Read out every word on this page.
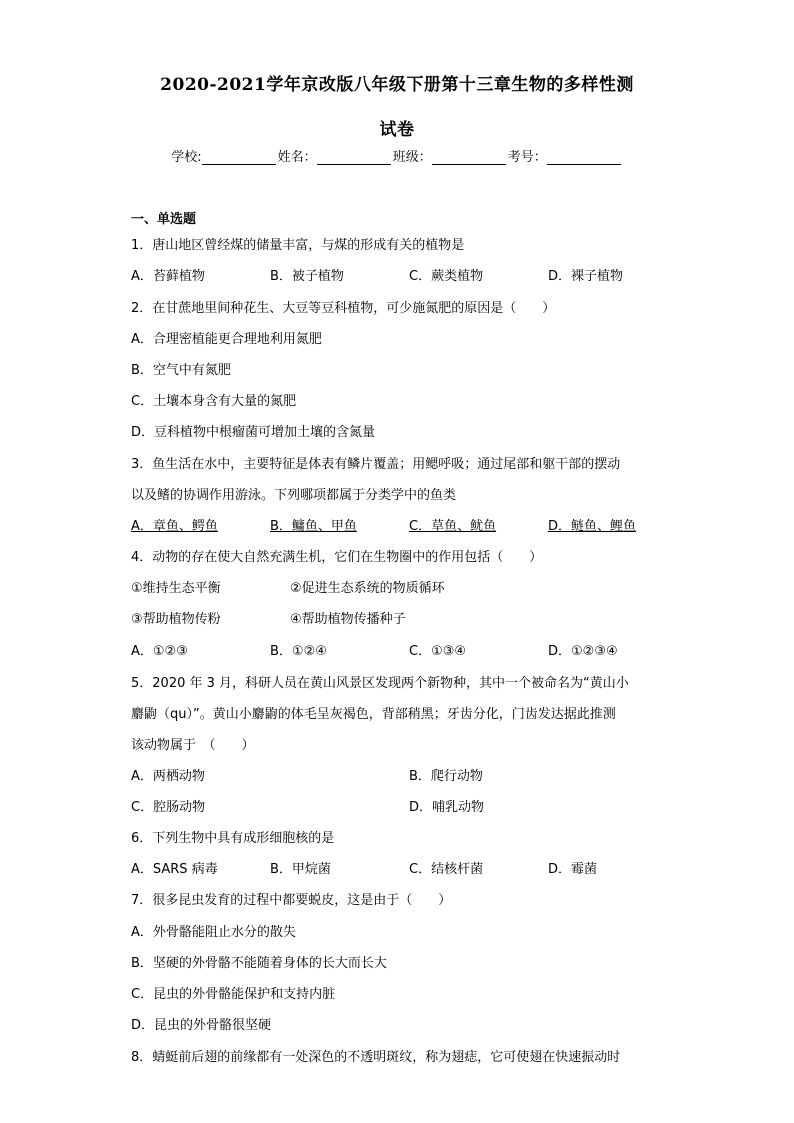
2020-2021学年京改版八年级下册第十三章生物的多样性测
试卷
学校:	姓名：	班级：	考号：
一、单选题
1．唐山地区曾经煤的储量丰富，与煤的形成有关的植物是
A．苔藓植物	B．被子植物	C．蕨类植物	D．裸子植物
2．在甘蔗地里间种花生、大豆等豆科植物，可少施氮肥的原因是（　　）
A．合理密植能更合理地利用氮肥
B．空气中有氮肥
C．土壤本身含有大量的氮肥
D．豆科植物中根瘤菌可增加土壤的含氮量
3．鱼生活在水中，主要特征是体表有鳞片覆盖；用鳃呼吸；通过尾部和躯干部的摆动
以及鳍的协调作用游泳。下列哪项都属于分类学中的鱼类
A．章鱼、鳄鱼	B．鳙鱼、甲鱼	C．草鱼、鱿鱼	D．鲢鱼、鲤鱼
4．动物的存在使大自然充满生机，它们在生物圈中的作用包括（　　）
①维持生态平衡	②促进生态系统的物质循环
③帮助植物传粉	④帮助植物传播种子
A．①②③	B．①②④	C．①③④	D．①②③④
5．2020 年 3 月，科研人员在黄山风景区发现两个新物种，其中一个被命名为“黄山小
麝鼩（qu）”。黄山小麝鼩的体毛呈灰褐色，背部稍黑；牙齿分化，门齿发达据此推测
该动物属于　（　　）
A．两栖动物	B．爬行动物
C．腔肠动物	D．哺乳动物
6．下列生物中具有成形细胞核的是
A．SARS 病毒	B．甲烷菌	C．结核杆菌	D．霉菌
7．很多昆虫发育的过程中都要蜕皮，这是由于（　　）
A．外骨骼能阻止水分的散失
B．坚硬的外骨骼不能随着身体的长大而长大
C．昆虫的外骨骼能保护和支持内脏
D．昆虫的外骨骼很坚硬
8．蜻蜓前后翅的前缘都有一处深色的不透明斑纹，称为翅痣，它可使翅在快速振动时
